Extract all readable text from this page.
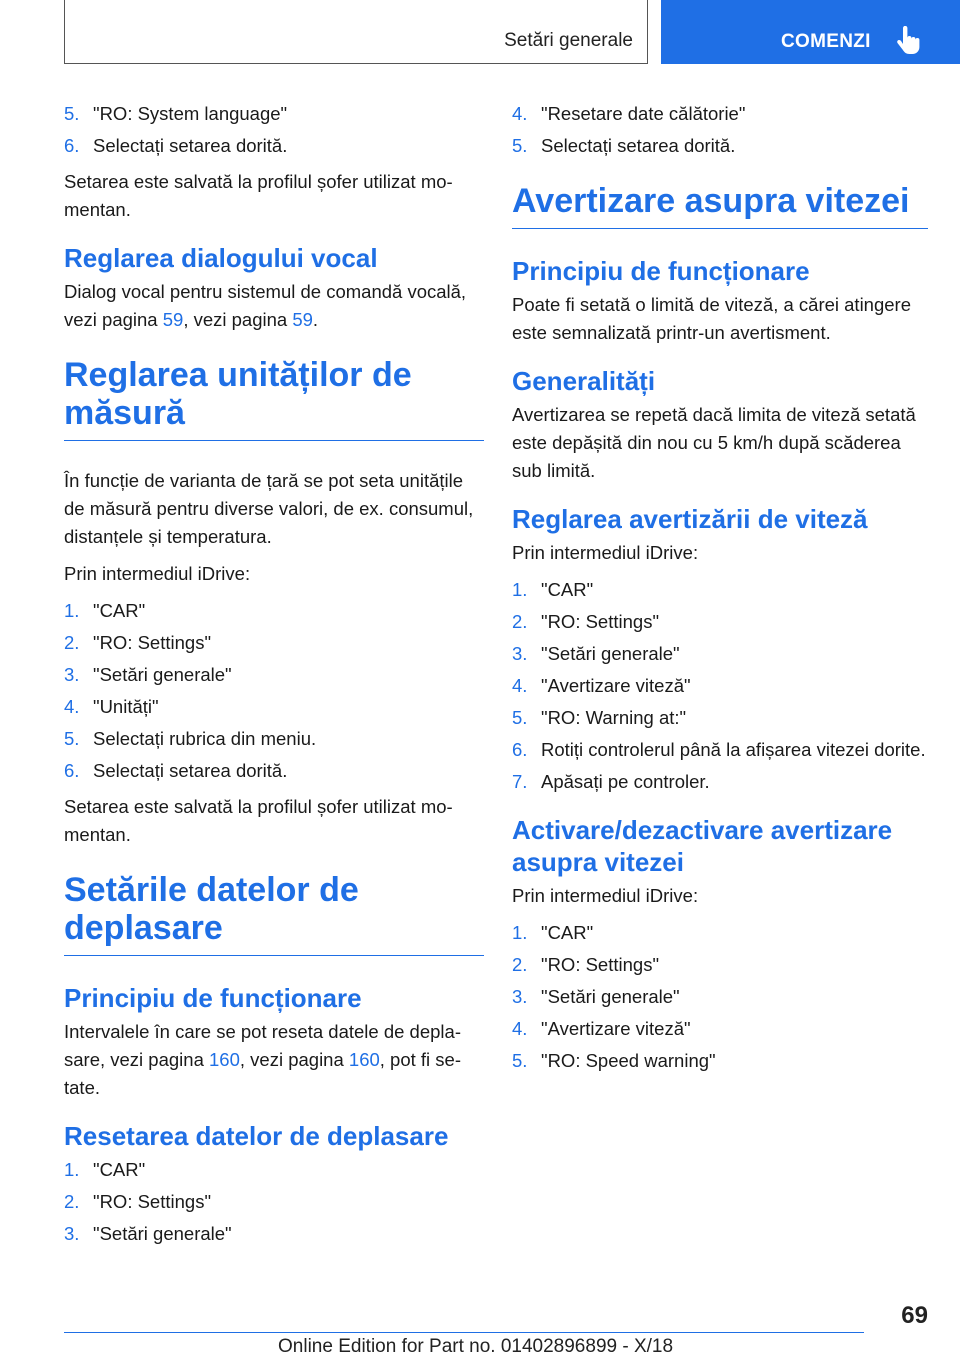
Setări generale	COMENZI
5. "RO: System language"
6. Selectați setarea dorită.

Setarea este salvată la profilul șofer utilizat momentan.

Reglarea dialogului vocal

Dialog vocal pentru sistemul de comandă vocală, vezi pagina 59, vezi pagina 59.

Reglarea unităților de măsură

În funcție de varianta de țară se pot seta unitățile de măsură pentru diverse valori, de ex. consumul, distanțele și temperatura.

Prin intermediul iDrive:

1. "CAR"
2. "RO: Settings"
3. "Setări generale"
4. "Unități"
5. Selectați rubrica din meniu.
6. Selectați setarea dorită.

Setarea este salvată la profilul șofer utilizat momentan.

Setările datelor de deplasare
Principiu de funcționare

Intervalele în care se pot reseta datele de deplasare, vezi pagina 160, vezi pagina 160, pot fi setate.

Resetarea datelor de deplasare
1. "CAR"
2. "RO: Settings"
3. "Setări generale"
4. "Resetare date călătorie"
5. Selectați setarea dorită.
Avertizare asupra vitezei
Principiu de funcționare

Poate fi setată o limită de viteză, a cărei atingere este semnalizată printr-un avertisment.

Generalități

Avertizarea se repetă dacă limita de viteză setată este depășită din nou cu 5 km/h după scăderea sub limită.

Reglarea avertizării de viteză

Prin intermediul iDrive:

1. "CAR"
2. "RO: Settings"
3. "Setări generale"
4. "Avertizare viteză"
5. "RO: Warning at:"
6. Rotiți controlerul până la afișarea vitezei dorite.
7. Apăsați pe controler.
Activare/dezactivare avertizare asupra vitezei

Prin intermediul iDrive:

1. "CAR"
2. "RO: Settings"
3. "Setări generale"
4. "Avertizare viteză"
5. "RO: Speed warning"
69
Online Edition for Part no. 01402896899 - X/18
